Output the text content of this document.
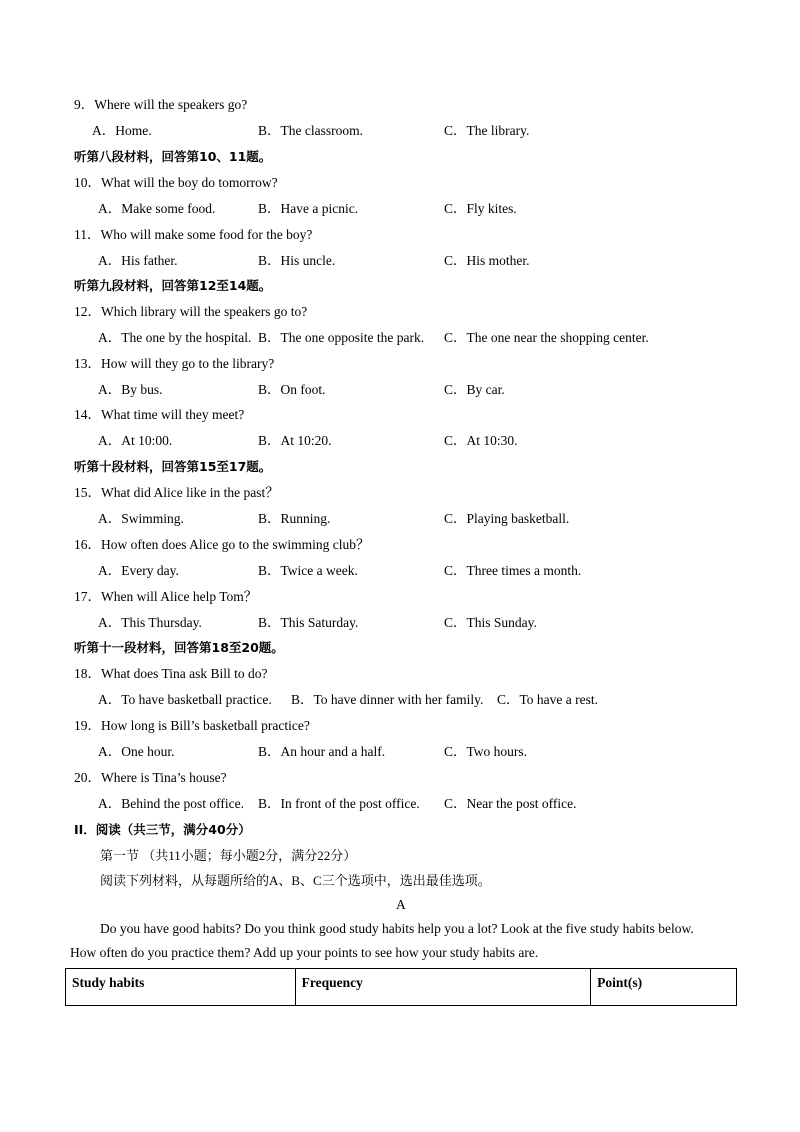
9．Where will the speakers go?
A．Home.	B．The classroom.	C．The library.
听第八段材料，回答第10、11题。
10．What will the boy do tomorrow?
A．Make some food.	B．Have a picnic.	C．Fly kites.
11．Who will make some food for the boy?
A．His father.	B．His uncle.	C．His mother.
听第九段材料，回答第12至14题。
12．Which library will the speakers go to?
A．The one by the hospital. B．The one opposite the park. C．The one near the shopping center.
13．How will they go to the library?
A．By bus.	B．On foot.	C．By car.
14．What time will they meet?
A．At 10:00.	B．At 10:20.	C．At 10:30.
听第十段材料，回答第15至17题。
15．What did Alice like in the past？
A．Swimming.	B．Running.	C．Playing basketball.
16．How often does Alice go to the swimming club？
A．Every day.	B．Twice a week.	C．Three times a month.
17．When will Alice help Tom？
A．This Thursday.	B．This Saturday.	C．This Sunday.
听第十一段材料，回答第18至20题。
18．What does Tina ask Bill to do?
A．To have basketball practice. B．To have dinner with her family. C．To have a rest.
19．How long is Bill’s basketball practice?
A．One hour.	B．An hour and a half.	C．Two hours.
20．Where is Tina’s house?
A．Behind the post office. B．In front of the post office. C．Near the post office.
II．阅读（共三节，满分40分）
第一节 （共11小题；每小题2分，满分22分）
阅读下列材料，从每题所给的A、B、C三个选项中，选出最佳选项。
A
Do you have good habits? Do you think good study habits help you a lot? Look at the five study habits below.
How often do you practice them? Add up your points to see how your study habits are.
Study habits	Frequency	Point(s)
